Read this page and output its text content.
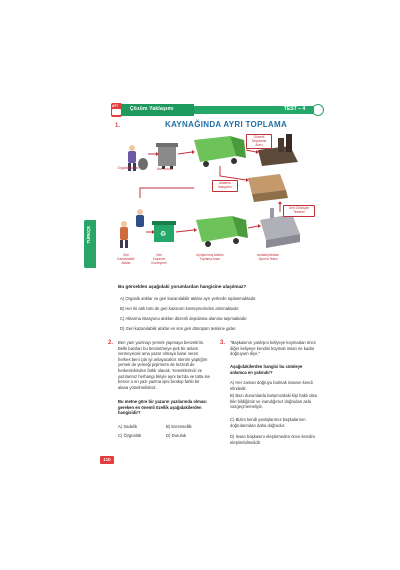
AYT Çözüm Yaklaşımı	TEST – 4
TÜRKÇE
1.	KAYNAĞINDA AYRI TOPLAMA
♻
Organik Atıklar	Atık Kutusu
Düzenli
Depolama
Alanı
Aktarma
İstasyonu
Geri Dönüşüm
Tesisleri
Geri
Kazanılabilir
Atıklar
Geri
Kazanım
Konteyneri
Ayrıştırılmış Atıkları
Toplama Aracı
Ambalaj Atıkları
Ayırma Tesisi
Bu görselden aşağıdaki yorumlardan hangisine ulaşılmaz?
A) Organik atıklar ve geri kazanılabilir atıklar ayrı yerlerde toplanmaktadır.
B) Her iki atık türü de geri kazanım konteynerinden alınmaktadır.
C) Aktarma istasyonu atıkları düzenli depolama alanına taşımaktadır.
D) Geri kazanılabilir atıklar en son geri dönüşüm tesisine gider.
2. Ben yazı yazmayı yemek yapmaya benzetirim. Belki bazıları bu benzetmeye pek bir anlam vermeyecek ama yazar olmaya karar veren herkes beni çok iyi anlayacaktır. Benim yaptığım yemek de yemeği pişirmem de lezzetli de herkesinkinden farklı olacak. Yemeklerinizi ve yazılarınız herhangi biriyle aynı tarzda ve tatta ise bence o en yazı yazma işini bırakıp farklı bir alana yönelmelisiniz.
Bu metne göre bir yazarın yazılarında olması gereken en önemli özellik aşağıdakilerden hangisidir?
A) Sadelik	B) Evrensellik
C) Özgünlük	D) Duruluk
3. "Başkasının yanlışını keliyeye koymadan önce diğer keliyeye kendini koymalı insan ne kadar doğruyum diye."
Aşağıdakilerden hangisi bu cümleye anlamca en yakındır?
A) Her zaman doğruyu bulmak insanın kendi elindedir.
B) Bazı durumlarda karşımızdaki kişi haklı olsa bile bildiğimiz ve inandığımız doğrudan asla vazgeçmemeliyiz.
C) Bizim kendi yanlışlarımız başkalarının doğrularından daha doğrudur.
D) İnsan başkasını eleştirmeden önce kendini eleştirebilmelidir.
110
